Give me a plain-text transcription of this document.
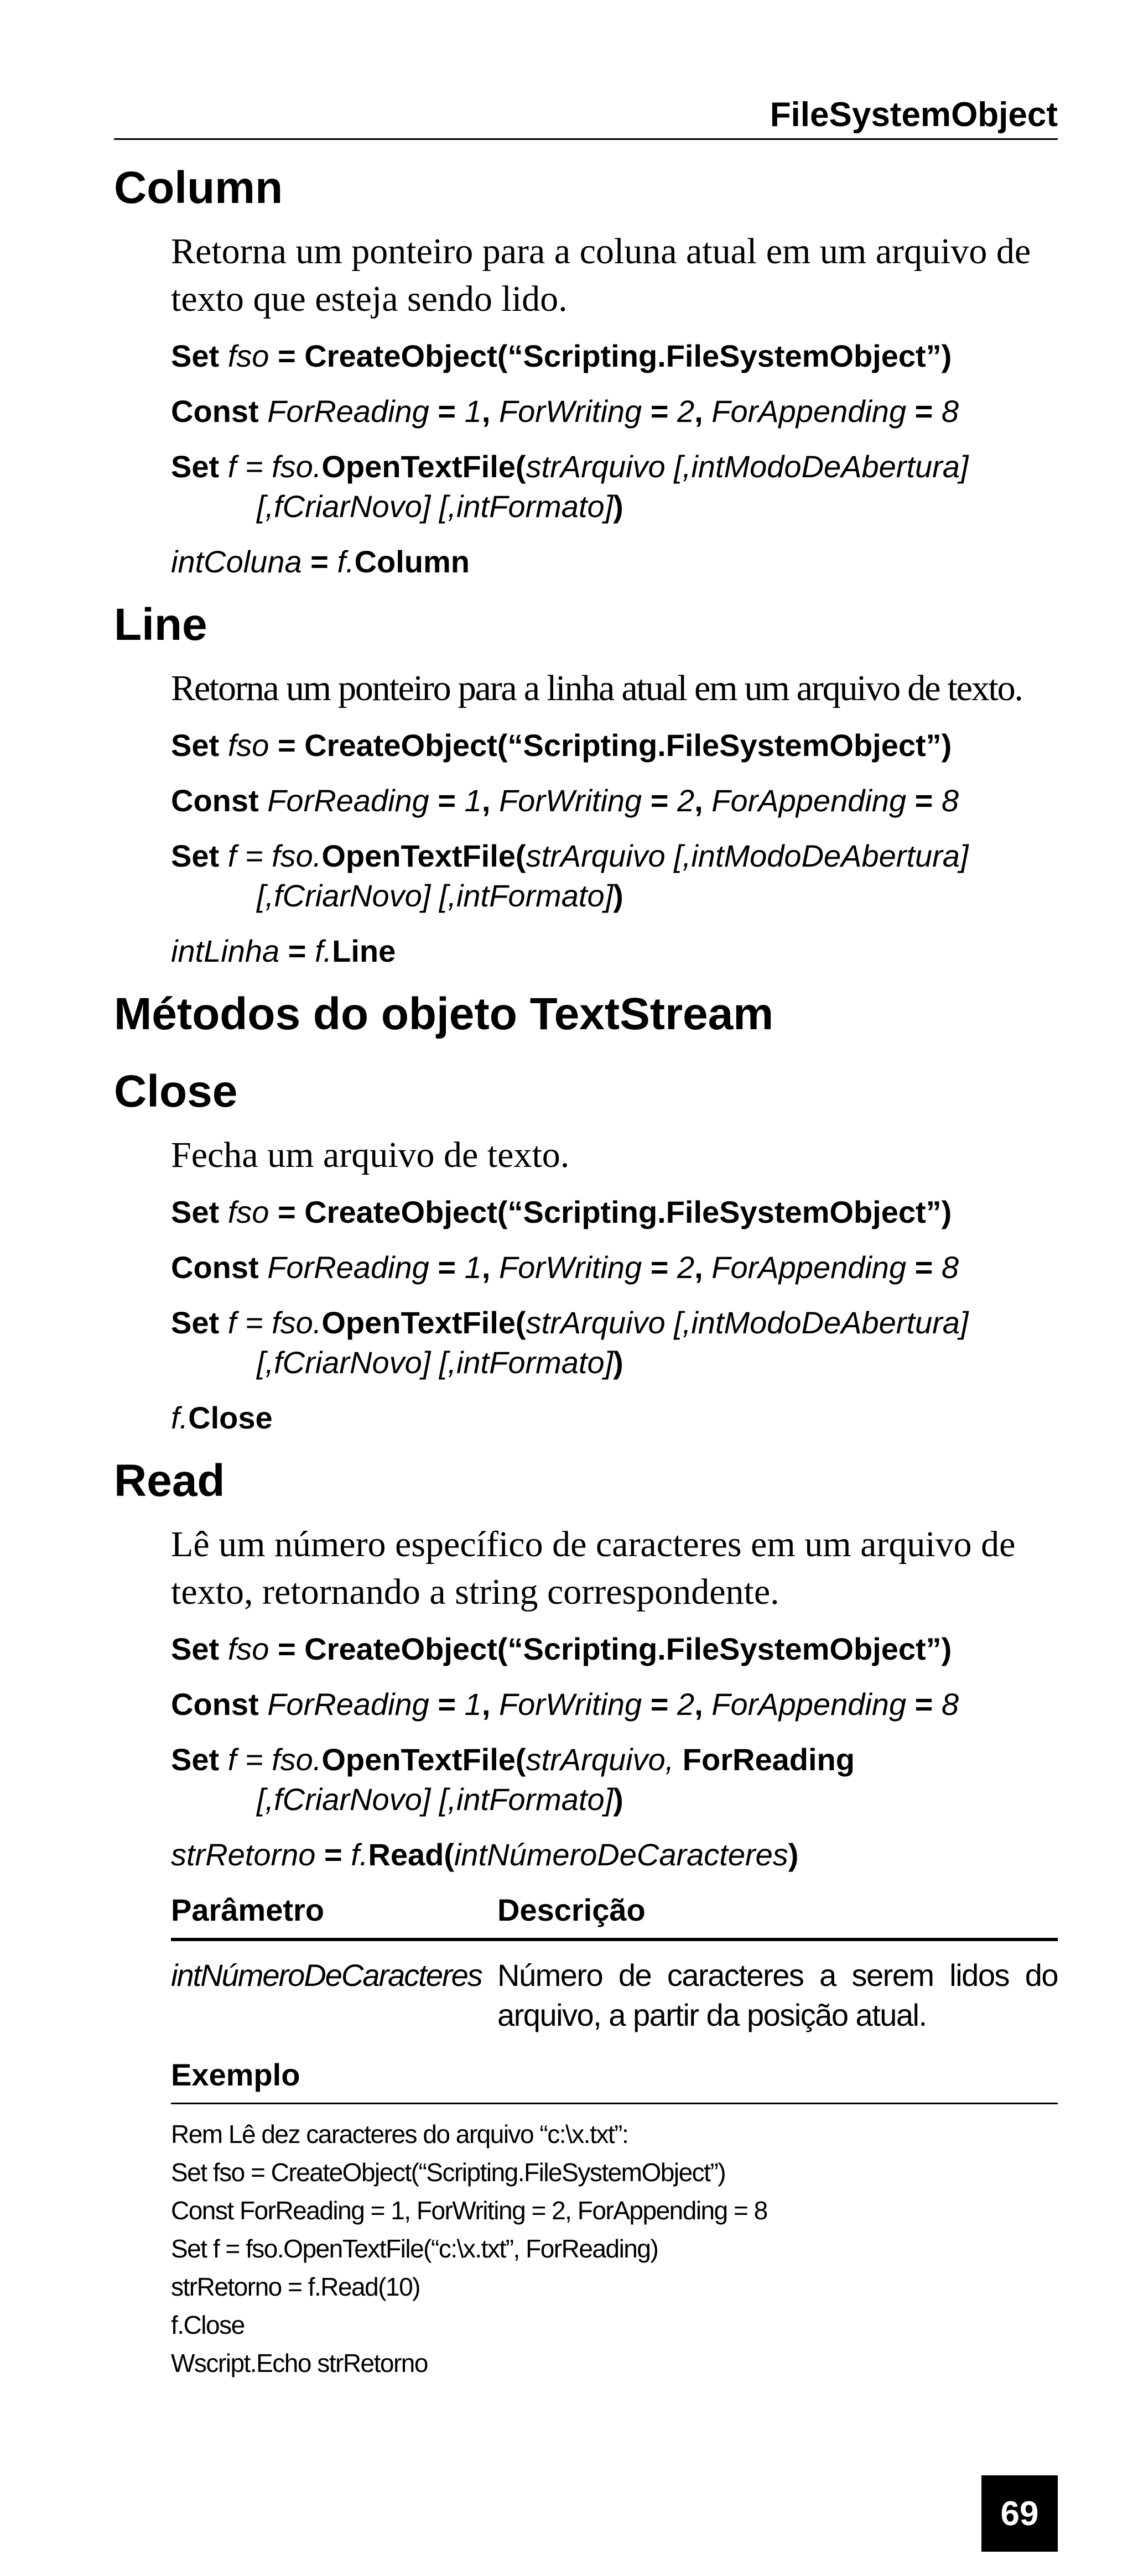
FileSystemObject
Column
Retorna um ponteiro para a coluna atual em um arquivo de texto que esteja sendo lido.
Set fso = CreateObject(“Scripting.FileSystemObject”)
Const ForReading = 1, ForWriting = 2, ForAppending = 8
Set f = fso.OpenTextFile(strArquivo [,intModoDeAbertura]
[,fCriarNovo] [,intFormato])
intColuna = f.Column
Line
Retorna um ponteiro para a linha atual em um arquivo de texto.
Set fso = CreateObject(“Scripting.FileSystemObject”)
Const ForReading = 1, ForWriting = 2, ForAppending = 8
Set f = fso.OpenTextFile(strArquivo [,intModoDeAbertura]
[,fCriarNovo] [,intFormato])
intLinha = f.Line
Métodos do objeto TextStream
Close
Fecha um arquivo de texto.
Set fso = CreateObject(“Scripting.FileSystemObject”)
Const ForReading = 1, ForWriting = 2, ForAppending = 8
Set f = fso.OpenTextFile(strArquivo [,intModoDeAbertura]
[,fCriarNovo] [,intFormato])
f.Close
Read
Lê um número específico de caracteres em um arquivo de texto, retornando a string correspondente.
Set fso = CreateObject(“Scripting.FileSystemObject”)
Const ForReading = 1, ForWriting = 2, ForAppending = 8
Set f = fso.OpenTextFile(strArquivo, ForReading
[,fCriarNovo] [,intFormato])
strRetorno = f.Read(intNúmeroDeCaracteres)
Parâmetro	Descrição
intNúmeroDeCaracteres Número de caracteres a serem lidos do arquivo, a partir da posição atual.
Exemplo
Rem Lê dez caracteres do arquivo “c:\x.txt”:
Set fso = CreateObject(“Scripting.FileSystemObject”)
Const ForReading = 1, ForWriting = 2, ForAppending = 8
Set f = fso.OpenTextFile(“c:\x.txt”, ForReading)
strRetorno = f.Read(10)
f.Close
Wscript.Echo strRetorno
69
